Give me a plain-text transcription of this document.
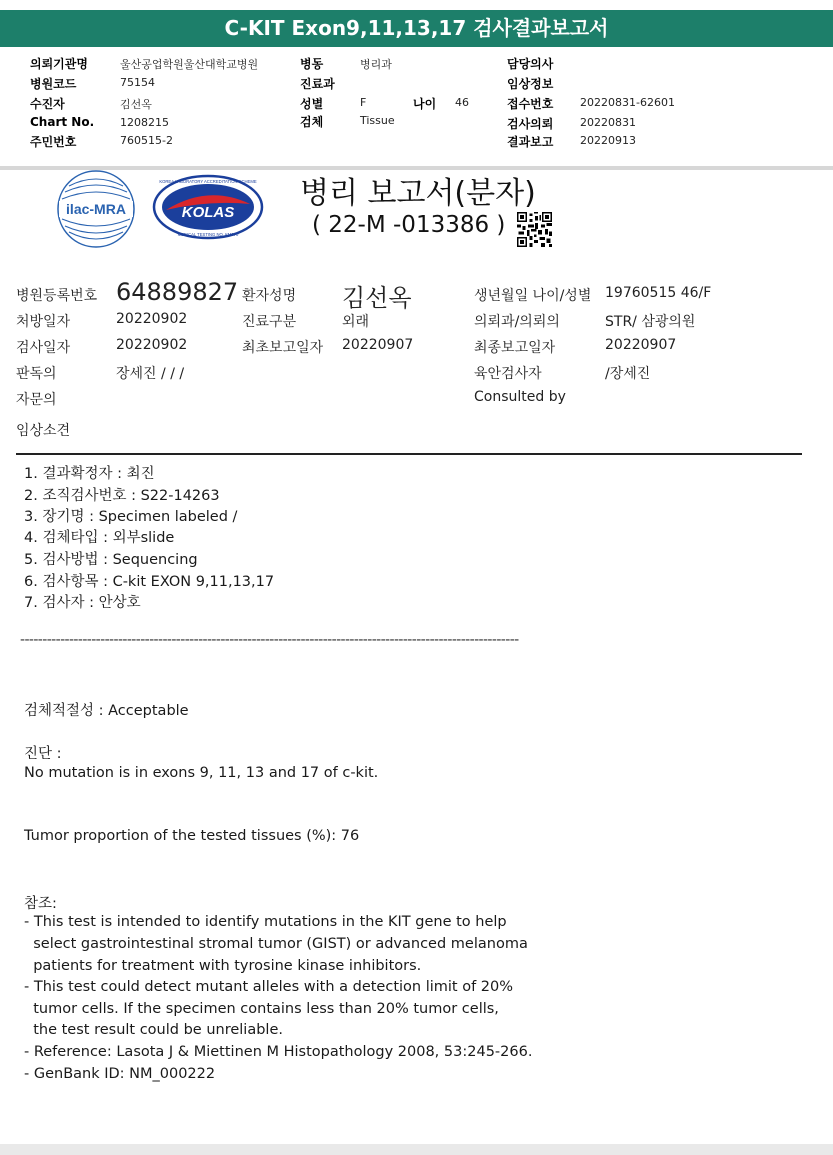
C-KIT Exon9,11,13,17 검사결과보고서
의뢰기관명	울산공업학원울산대학교병원
병원코드	75154
수진자	김선옥
Chart No. 1208215
주민번호	760515-2
병동	병리과
진료과
성별	F	나이 46
검체	Tissue
담당의사
임상정보
접수번호 20220831-62601
검사의뢰 20220831
결과보고 20220913
ilac-MRA	KOLAS
KOREA LABORATORY ACCREDITATION SCHEME
MEDICAL TESTING NO. KM070
병리 보고서(분자)
( 22-M -013386 )
병원등록번호 64889827 환자성명 김선옥	생년월일 나이/성별 19760515 46/F
처방일자	20220902	진료구분	외래	의뢰과/의뢰의	STR/ 삼광의원
검사일자	20220902	최초보고일자 20220907	최종보고일자	20220907
판독의	장세진 / / /	육안검사자	/장세진
자문의	Consulted by
임상소견
1. 결과확정자 : 최진
2. 조직검사번호 : S22-14263
3. 장기명 : Specimen labeled /
4. 검체타입 : 외부slide
5. 검사방법 : Sequencing
6. 검사항목 : C-kit EXON 9,11,13,17
7. 검사자 : 안상호
----------------------------------------------------------------------------------------------------------------
검체적절성 : Acceptable
진단 :
No mutation is in exons 9, 11, 13 and 17 of c-kit.
Tumor proportion of the tested tissues (%): 76
참조:
- This test is intended to identify mutations in the KIT gene to help
select gastrointestinal stromal tumor (GIST) or advanced melanoma
patients for treatment with tyrosine kinase inhibitors.
- This test could detect mutant alleles with a detection limit of 20%
tumor cells. If the specimen contains less than 20% tumor cells,
the test result could be unreliable.
- Reference: Lasota J & Miettinen M Histopathology 2008, 53:245-266.
- GenBank ID: NM_000222
